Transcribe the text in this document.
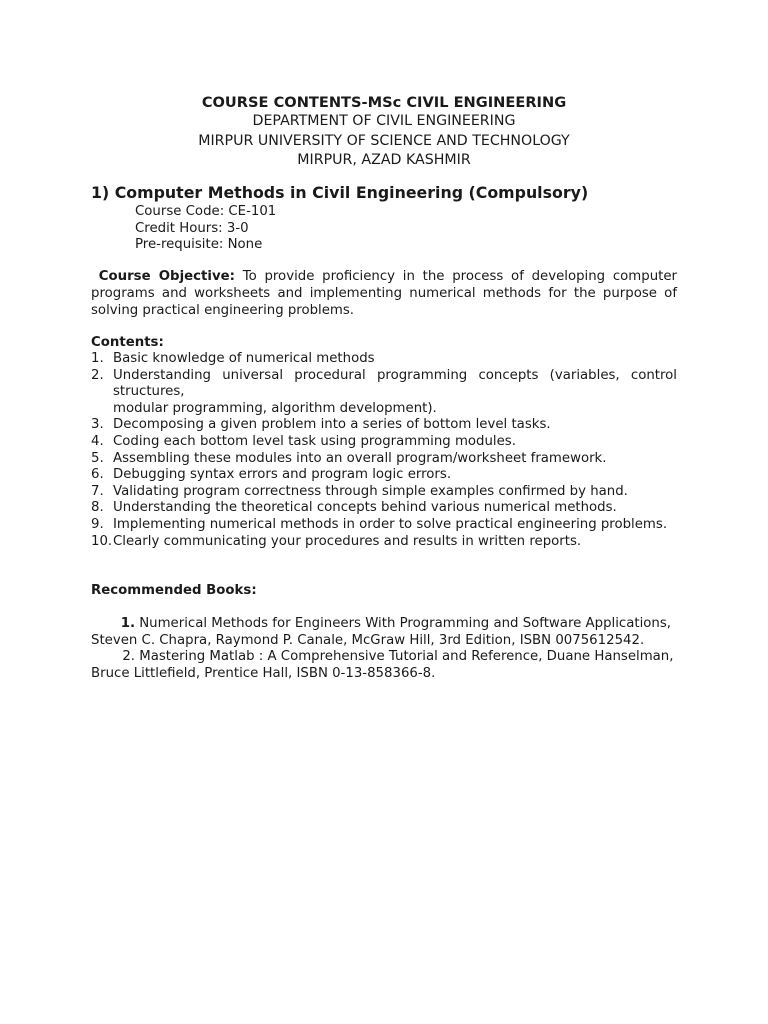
COURSE CONTENTS-MSc CIVIL ENGINEERING
DEPARTMENT OF CIVIL ENGINEERING
MIRPUR UNIVERSITY OF SCIENCE AND TECHNOLOGY
MIRPUR, AZAD KASHMIR
1) Computer Methods in Civil Engineering (Compulsory)
Course Code: CE-101
Credit Hours: 3-0
Pre-requisite: None
Course Objective: To provide proficiency in the process of developing computer programs and worksheets and implementing numerical methods for the purpose of solving practical engineering problems.
Contents:
1. Basic knowledge of numerical methods
2. Understanding universal procedural programming concepts (variables, control structures,
modular programming, algorithm development).
3. Decomposing a given problem into a series of bottom level tasks.
4. Coding each bottom level task using programming modules.
5. Assembling these modules into an overall program/worksheet framework.
6. Debugging syntax errors and program logic errors.
7. Validating program correctness through simple examples confirmed by hand.
8. Understanding the theoretical concepts behind various numerical methods.
9. Implementing numerical methods in order to solve practical engineering problems.
10. Clearly communicating your procedures and results in written reports.
Recommended Books:
1. Numerical Methods for Engineers With Programming and Software Applications,
Steven C. Chapra, Raymond P. Canale, McGraw Hill, 3rd Edition, ISBN 0075612542.
2. Mastering Matlab : A Comprehensive Tutorial and Reference, Duane Hanselman,
Bruce Littlefield, Prentice Hall, ISBN 0-13-858366-8.
